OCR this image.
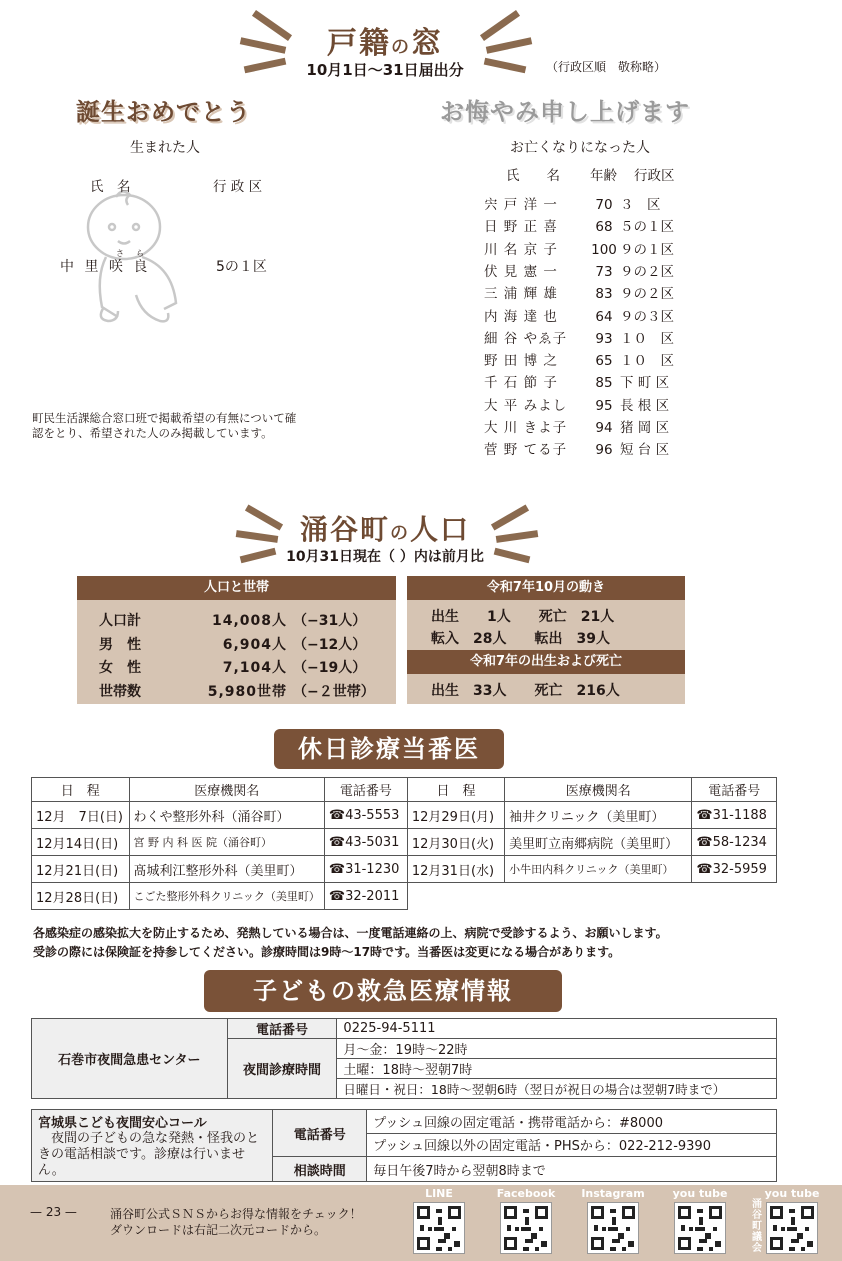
戸籍の窓
10月1日～31日届出分	（行政区順　敬称略）
誕生おめでとう
生まれた人
氏　名	行 政 区
さ　ら
中 里 咲 良	5の１区
町民生活課総合窓口班で掲載希望の有無について確認をとり、希望された人のみ掲載しています。
お悔やみ申し上げます
お亡くなりになった人
氏　　名 年齢 行政区
宍 戸 洋 一	70 ３　区
日 野 正 喜	68 ５の１区
川 名 京 子 100 ９の１区
伏 見 憲 一	73 ９の２区
三 浦 輝 雄	83 ９の２区
内 海 達 也	64 ９の３区
細 谷 やゑ子 93 １０　区
野 田 博 之	65 １０　区
千 石 節 子	85 下 町 区
大 平 みよし 95 長 根 区
大 川 きよ子 94 猪 岡 区
菅 野 てる子 96 短 台 区
涌谷町の人口
10月31日現在（ ）内は前月比
人口と世帯
人口計	14,008人 （−31人）
男　性	6,904人 （−12人）
女　性	7,104人 （−19人）
世帯数	5,980世帯 （−２世帯）
令和7年10月の動き
出生　　1人　　死亡　21人
転入　28人　　転出　39人
令和7年の出生および死亡
出生　33人　　死亡　216人
休日診療当番医
日　程	医療機関名	電話番号	日　程	医療機関名	電話番号
12月　7日(日)	わくや整形外科（涌谷町）	☎43-5553	12月29日(月)	袖井クリニック（美里町）	☎31-1188
12月14日(日)	宮 野 内 科 医 院（涌谷町）	☎43-5031	12月30日(火)	美里町立南郷病院（美里町）	☎58-1234
12月21日(日)	髙城利江整形外科（美里町）	☎31-1230	12月31日(水)	小牛田内科クリニック（美里町）	☎32-5959
12月28日(日)	こごた整形外科クリニック（美里町）	☎32-2011			
各感染症の感染拡大を防止するため、発熱している場合は、一度電話連絡の上、病院で受診するよう、お願いします。
受診の際には保険証を持参してください。診療時間は9時～17時です。当番医は変更になる場合があります。
子どもの救急医療情報
石巻市夜間急患センター	電話番号	0225-94-5111
	夜間診療時間	月～金：19時～22時
		土曜：18時～翌朝7時
		日曜日・祝日：18時～翌朝6時（翌日が祝日の場合は翌朝7時まで）
宮城県こども夜間安心コール
夜間の子どもの急な発熱・怪我のときの電話相談です。診療は行いません。	電話番号	プッシュ回線の固定電話・携帯電話から：#8000
		プッシュ回線以外の固定電話・PHSから：022-212-9390
	相談時間	毎日午後7時から翌朝8時まで
— 23 —	涌谷町公式ＳＮＳからお得な情報をチェック！
ダウンロードは右記二次元コードから。
涌谷町議会
LINE	Facebook	Instagram	you tube	you tube
